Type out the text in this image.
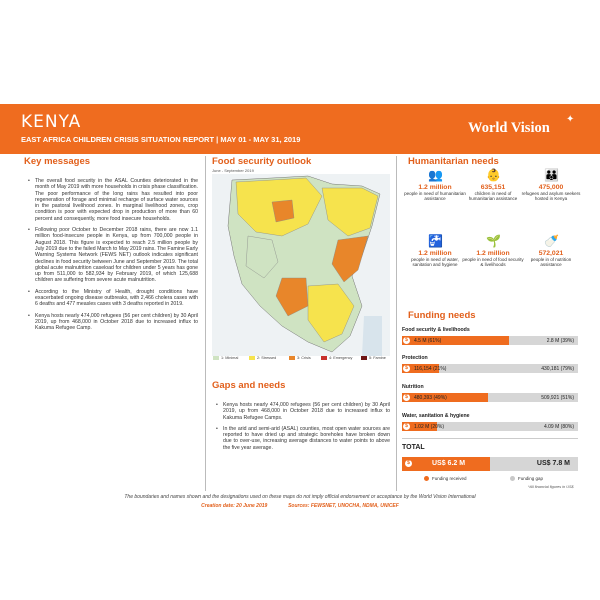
KENYA
EAST AFRICA CHILDREN CRISIS SITUATION REPORT | MAY 01 - MAY 31, 2019
World Vision
✦
Key messages
• The overall food security in the ASAL Counties deteriorated in the month of May 2019 with more households in crisis phase classification. The poor performance of the long rains has resulted into poor regeneration of forage and minimal recharge of surface water sources in the pastoral livelihood zones. In marginal livelihood zones, crop condition is poor with expected drop in production of more than 60 percent and consequently, more food insecure households.
• Following poor October to December 2018 rains, there are now 1.1 million food-insecure people in Kenya, up from 700,000 people in August 2018. This figure is expected to reach 2.5 million people by July 2019 due to the failed March to May 2019 rains. The Famine Early Warning Systems Network (FEWS NET) outlook indicates significant declines in food security between June and September 2019. The total global acute malnutrition caseload for children under 5 years has gone up from 511,000 to 582,934 by February 2019, of which 125,688 children are suffering from severe acute malnutrition.
• According to the Ministry of Health, drought conditions have exacerbated ongoing disease outbreaks, with 2,466 cholera cases with 6 deaths and 477 measles cases with 3 deaths reported in 2019.
• Kenya hosts nearly 474,000 refugees (56 per cent children) by 30 April 2019, up from 468,000 in October 2018 due to increased influx to Kakuma Refugee Camp.
Food security outlook
June - September 2019
1: Minimal	2: Stressed	3: Crisis	4: Emergency	5: Famine
Gaps and needs
• Kenya hosts nearly 474,000 refugees (56 per cent children) by 30 April 2019, up from 468,000 in October 2018 due to increased influx to Kakuma Refugee Camps.
• In the arid and semi-arid (ASAL) counties, most open water sources are reported to have dried up and strategic boreholes have broken down due to over-use, increasing average distances to water points to above the five year average.
Humanitarian needs
👥
1.2 million
people in need of humanitarian assistance
👶
635,151
children in need of humanitarian assistance
👪
475,000
refugees and asylum seekers hosted in Kenya
🚰
1.2 million
people in need of water, sanitation and hygiene
🌱
1.2 million
people in need of food security & livelihoods
🍼
572,021
people in of nutrition assistance
Funding needs
Food security & livelihoods
$	4.5 M (61%)	2.8 M (39%)
Protection
$	116,154 (21%)	430,181 (79%)
Nutrition
$	480,393 (49%)	509,921 (51%)
Water, sanitation & hygiene
$	1.02 M (20%)	4.09 M (80%)
TOTAL
$	US$ 6.2 M	US$ 7.8 M
Funding received	Funding gap
*All financial figures in US$
The boundaries and names shown and the designations used on these maps do not imply official endorsement or acceptance by the World Vision International
Creation date: 20 June 2019	Sources: FEWSNET, UNOCHA, NDMA, UNICEF
